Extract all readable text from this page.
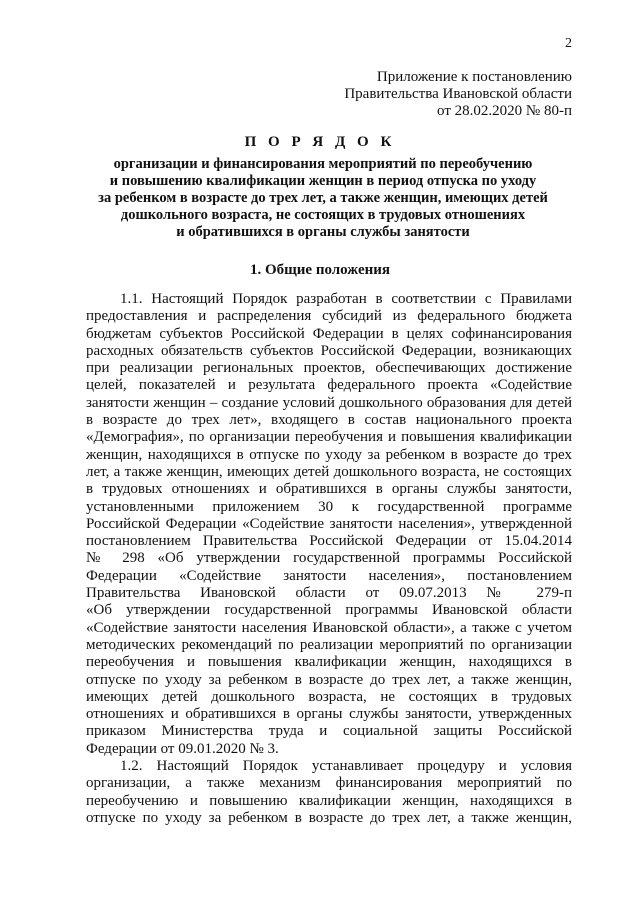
2
Приложение к постановлению
Правительства Ивановской области
от 28.02.2020 № 80-п
П О Р Я Д О К
организации и финансирования мероприятий по переобучению
и повышению квалификации женщин в период отпуска по уходу
за ребенком в возрасте до трех лет, а также женщин, имеющих детей
дошкольного возраста, не состоящих в трудовых отношениях
и обратившихся в органы службы занятости
1. Общие положения
1.1. Настоящий Порядок разработан в соответствии с Правилами
предоставления и распределения субсидий из федерального бюджета
бюджетам субъектов Российской Федерации в целях софинансирования
расходных обязательств субъектов Российской Федерации, возникающих
при реализации региональных проектов, обеспечивающих достижение
целей, показателей и результата федерального проекта «Содействие
занятости женщин – создание условий дошкольного образования для детей
в возрасте до трех лет», входящего в состав национального проекта
«Демография», по организации переобучения и повышения квалификации
женщин, находящихся в отпуске по уходу за ребенком в возрасте до трех
лет, а также женщин, имеющих детей дошкольного возраста, не состоящих
в трудовых отношениях и обратившихся в органы службы занятости,
установленными приложением 30 к государственной программе
Российской Федерации «Содействие занятости населения», утвержденной
постановлением Правительства Российской Федерации от 15.04.2014
№ 298 «Об утверждении государственной программы Российской
Федерации «Содействие занятости населения», постановлением
Правительства Ивановской области от 09.07.2013 № 279-п
«Об утверждении государственной программы Ивановской области
«Содействие занятости населения Ивановской области», а также с учетом
методических рекомендаций по реализации мероприятий по организации
переобучения и повышения квалификации женщин, находящихся в
отпуске по уходу за ребенком в возрасте до трех лет, а также женщин,
имеющих детей дошкольного возраста, не состоящих в трудовых
отношениях и обратившихся в органы службы занятости, утвержденных
приказом Министерства труда и социальной защиты Российской
Федерации от 09.01.2020 № 3.
1.2. Настоящий Порядок устанавливает процедуру и условия
организации, а также механизм финансирования мероприятий по
переобучению и повышению квалификации женщин, находящихся в
отпуске по уходу за ребенком в возрасте до трех лет, а также женщин,
